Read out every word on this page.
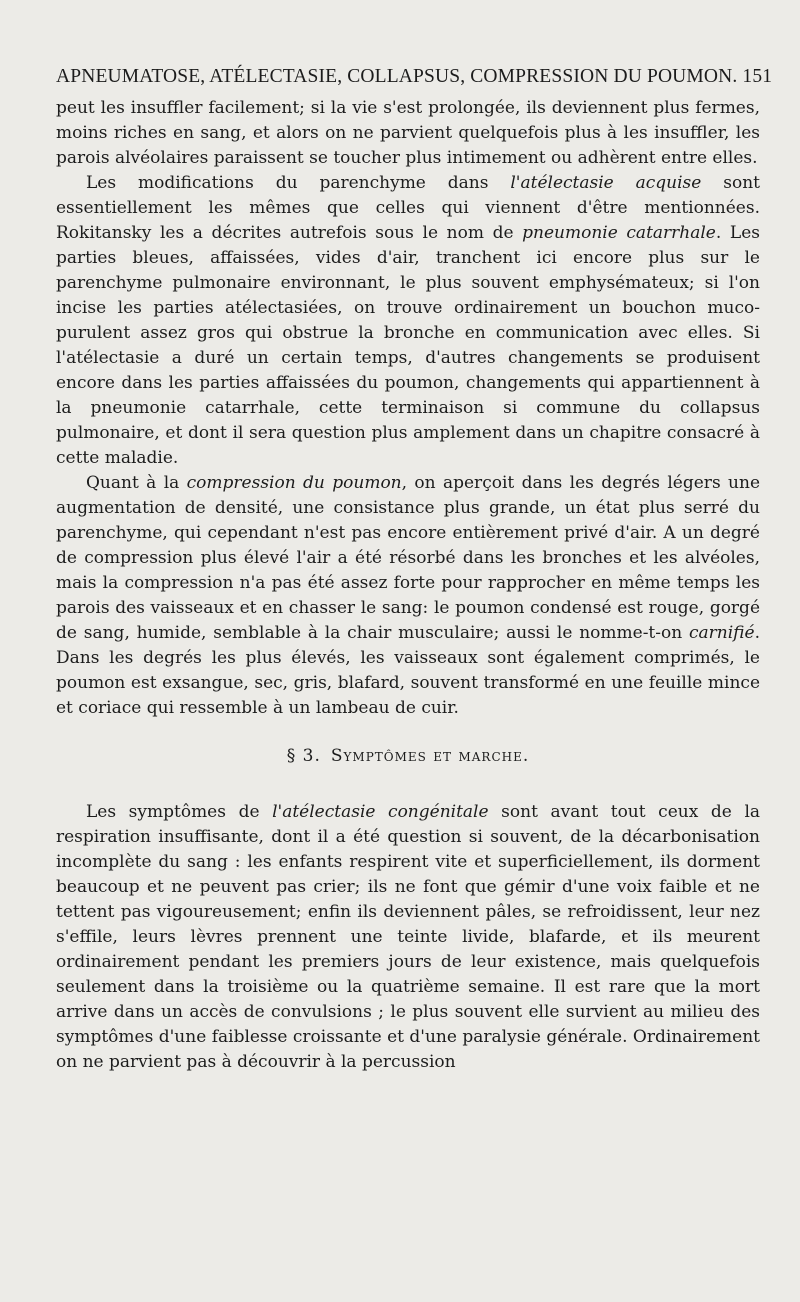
APNEUMATOSE, ATÉLECTASIE, COLLAPSUS, COMPRESSION DU POUMON. 151

peut les insuffler facilement; si la vie s'est prolongée, ils deviennent plus fermes, moins riches en sang, et alors on ne parvient quelquefois plus à les insuffler, les parois alvéolaires paraissent se toucher plus intimement ou adhèrent entre elles.

Les modifications du parenchyme dans l'atélectasie acquise sont essentiellement les mêmes que celles qui viennent d'être mentionnées. Rokitansky les a décrites autrefois sous le nom de pneumonie catarrhale. Les parties bleues, affaissées, vides d'air, tranchent ici encore plus sur le parenchyme pulmonaire environnant, le plus souvent emphysémateux; si l'on incise les parties atélectasiées, on trouve ordinairement un bouchon muco-purulent assez gros qui obstrue la bronche en communication avec elles. Si l'atélectasie a duré un certain temps, d'autres changements se produisent encore dans les parties affaissées du poumon, changements qui appartiennent à la pneumonie catarrhale, cette terminaison si commune du collapsus pulmonaire, et dont il sera question plus amplement dans un chapitre consacré à cette maladie.

Quant à la compression du poumon, on aperçoit dans les degrés légers une augmentation de densité, une consistance plus grande, un état plus serré du parenchyme, qui cependant n'est pas encore entièrement privé d'air. A un degré de compression plus élevé l'air a été résorbé dans les bronches et les alvéoles, mais la compression n'a pas été assez forte pour rapprocher en même temps les parois des vaisseaux et en chasser le sang: le poumon condensé est rouge, gorgé de sang, humide, semblable à la chair musculaire; aussi le nomme-t-on carnifié. Dans les degrés les plus élevés, les vaisseaux sont également comprimés, le poumon est exsangue, sec, gris, blafard, souvent transformé en une feuille mince et coriace qui ressemble à un lambeau de cuir.

§ 3. Symptômes et marche.

Les symptômes de l'atélectasie congénitale sont avant tout ceux de la respiration insuffisante, dont il a été question si souvent, de la décarbonisation incomplète du sang : les enfants respirent vite et superficiellement, ils dorment beaucoup et ne peuvent pas crier; ils ne font que gémir d'une voix faible et ne tettent pas vigoureusement; enfin ils deviennent pâles, se refroidissent, leur nez s'effile, leurs lèvres prennent une teinte livide, blafarde, et ils meurent ordinairement pendant les premiers jours de leur existence, mais quelquefois seulement dans la troisième ou la quatrième semaine. Il est rare que la mort arrive dans un accès de convulsions ; le plus souvent elle survient au milieu des symptômes d'une faiblesse croissante et d'une paralysie générale. Ordinairement on ne parvient pas à découvrir à la percussion
